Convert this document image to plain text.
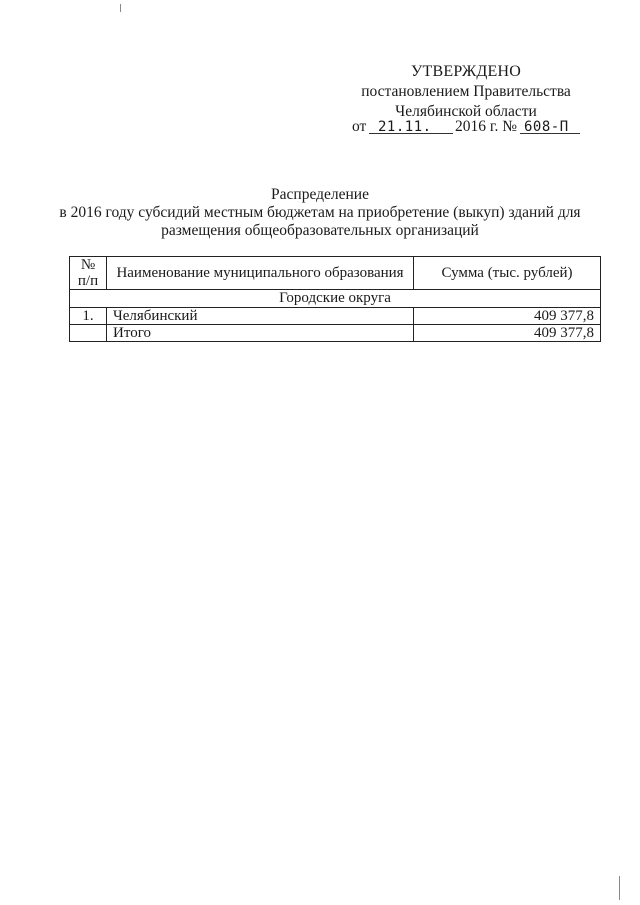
УТВЕРЖДЕНО
постановлением Правительства
Челябинской области
от 21.11. 2016 г. № 608-П
Распределение
в 2016 году субсидий местным бюджетам на приобретение (выкуп) зданий для
размещения общеобразовательных организаций
№
п/п	Наименование муниципального образования	Сумма (тыс. рублей)
Городские округа		
1.	Челябинский	409 377,8
	Итого	409 377,8
